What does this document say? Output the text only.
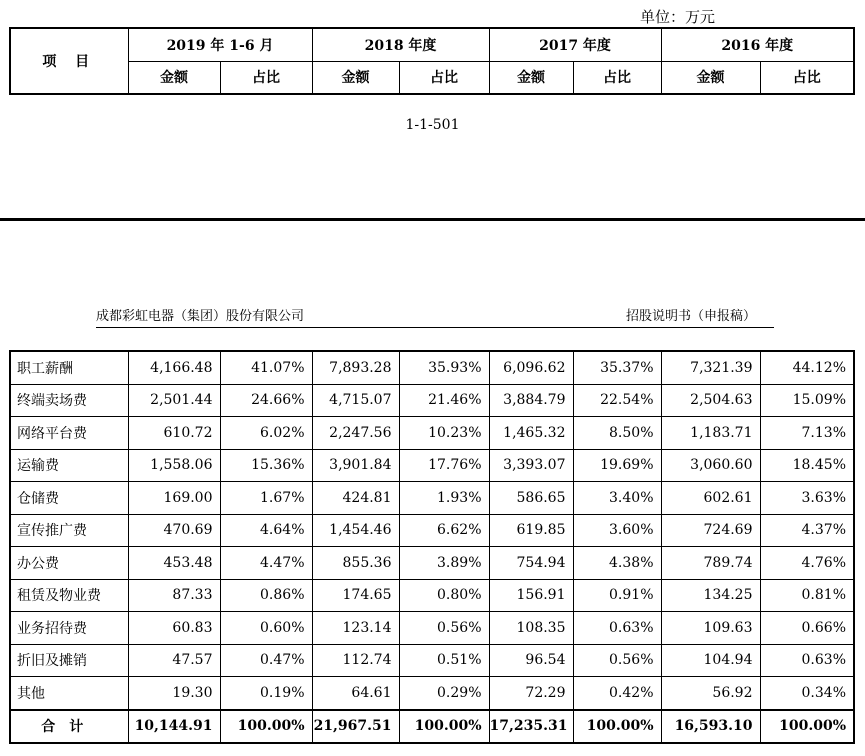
单位：万元
项 目	2019 年 1-6 月		2018 年度		2017 年度		2016 年度	
	金额	占比	金额	占比	金额	占比	金额	占比
1-1-501
成都彩虹电器（集团）股份有限公司	招股说明书（申报稿）
职工薪酬	4,166.48	41.07%	7,893.28	35.93%	6,096.62	35.37%	7,321.39	44.12%
终端卖场费	2,501.44	24.66%	4,715.07	21.46%	3,884.79	22.54%	2,504.63	15.09%
网络平台费	610.72	6.02%	2,247.56	10.23%	1,465.32	8.50%	1,183.71	7.13%
运输费	1,558.06	15.36%	3,901.84	17.76%	3,393.07	19.69%	3,060.60	18.45%
仓储费	169.00	1.67%	424.81	1.93%	586.65	3.40%	602.61	3.63%
宣传推广费	470.69	4.64%	1,454.46	6.62%	619.85	3.60%	724.69	4.37%
办公费	453.48	4.47%	855.36	3.89%	754.94	4.38%	789.74	4.76%
租赁及物业费	87.33	0.86%	174.65	0.80%	156.91	0.91%	134.25	0.81%
业务招待费	60.83	0.60%	123.14	0.56%	108.35	0.63%	109.63	0.66%
折旧及摊销	47.57	0.47%	112.74	0.51%	96.54	0.56%	104.94	0.63%
其他	19.30	0.19%	64.61	0.29%	72.29	0.42%	56.92	0.34%
合计	10,144.91	100.00%	21,967.51	100.00%	17,235.31	100.00%	16,593.10	100.00%
